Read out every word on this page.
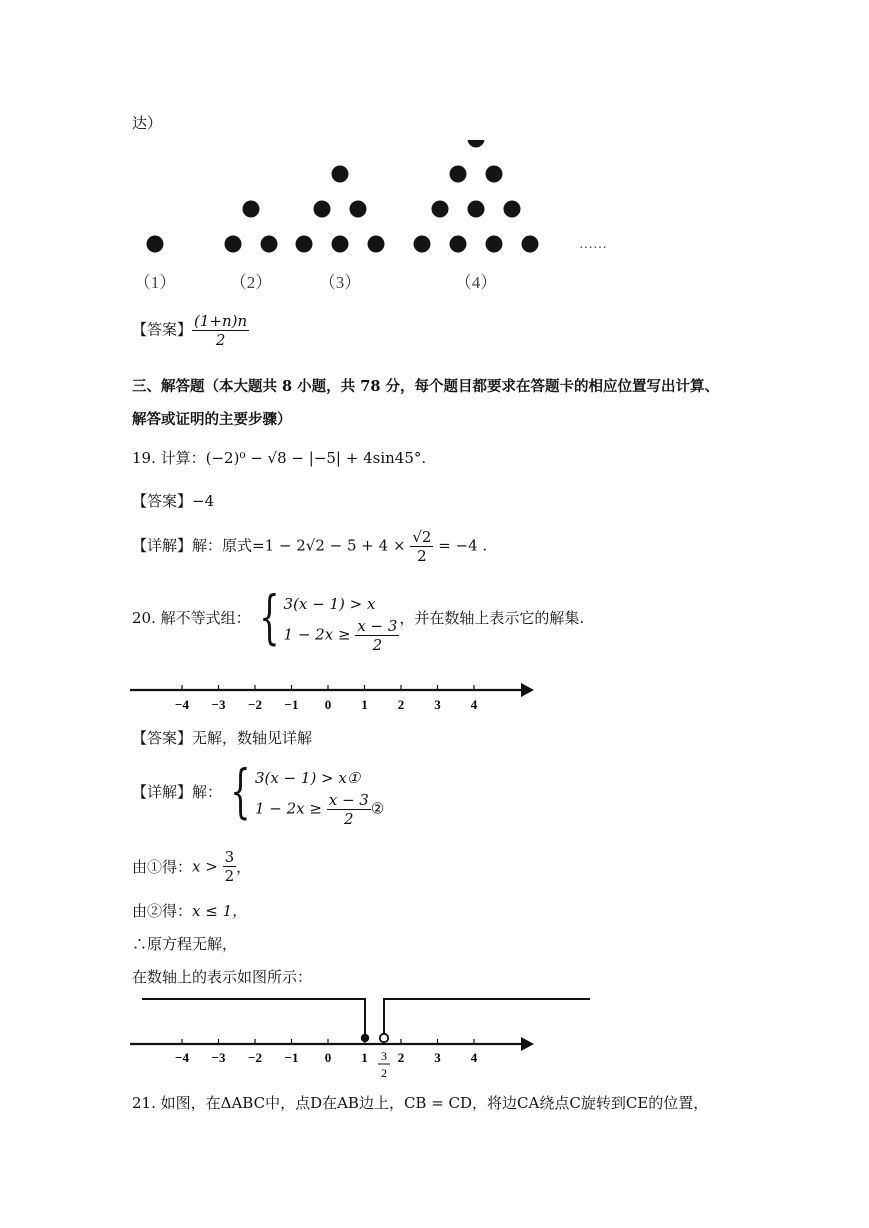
达）
……
（1）	（2）	（3）	（4）
【答案】 $\frac{(1+n)n}{2}$
三、解答题（本大题共 8 小题，共 78 分，每个题目都要求在答题卡的相应位置写出计算、
解答或证明的主要步骤）
19. 计算：(−2)⁰ − √8 − |−5| + 4sin45°.
【答案】−4
【详解】解：原式$=1 - 2√2 - 5 + 4 \times \frac{√2}{2} = -4$ .
20. 解不等式组： { 3(x − 1) > x
$1 - 2x \ge \frac{x - 3}{2}$ ，并在数轴上表示它的解集.
−4 −3 −2 −1 0 1 2 3 4
【答案】无解，数轴见详解
【详解】解： { 3(x − 1) > x①
$1 - 2x \ge \frac{x - 3}{2}$ ②
由①得：$x > \frac{3}{2}$ ，
由②得：x ≤ 1，
∴原方程无解，
在数轴上的表示如图所示：
−4 −3 −2 −1 0 1 2 3 4
3
2
21. 如图，在ΔABC中，点D在AB边上，CB = CD，将边CA绕点C旋转到CE的位置，
